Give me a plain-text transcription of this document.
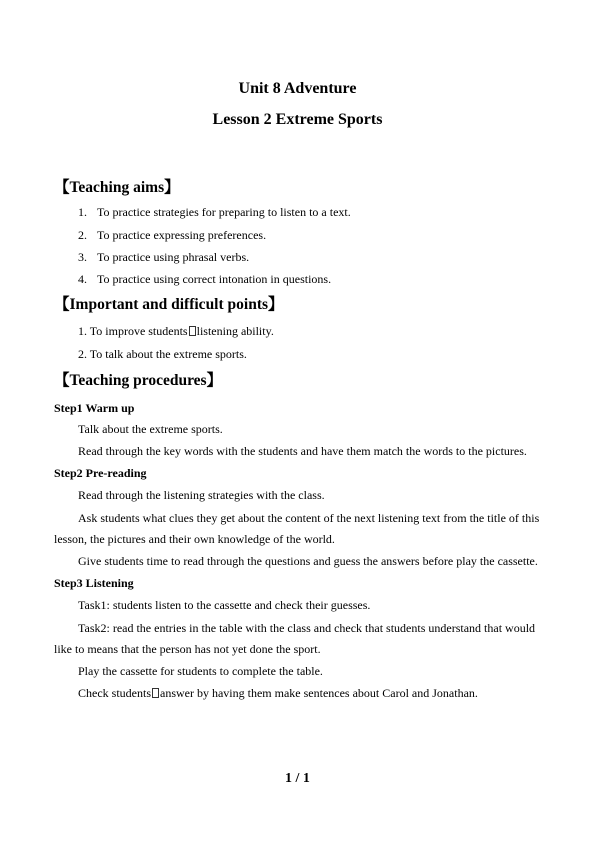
Unit 8 Adventure
Lesson 2 Extreme Sports
【Teaching aims】
1. To practice strategies for preparing to listen to a text.
2. To practice expressing preferences.
3. To practice using phrasal verbs.
4. To practice using correct intonation in questions.
【Important and difficult points】
1. To improve students listening ability.
2. To talk about the extreme sports.
【Teaching procedures】
Step1 Warm up
Talk about the extreme sports.
Read through the key words with the students and have them match the words to the pictures.
Step2 Pre-reading
Read through the listening strategies with the class.
Ask students what clues they get about the content of the next listening text from the title of this
lesson, the pictures and their own knowledge of the world.
Give students time to read through the questions and guess the answers before play the cassette.
Step3 Listening
Task1: students listen to the cassette and check their guesses.
Task2: read the entries in the table with the class and check that students understand that would
like to means that the person has not yet done the sport.
Play the cassette for students to complete the table.
Check students answer by having them make sentences about Carol and Jonathan.
1 / 1
